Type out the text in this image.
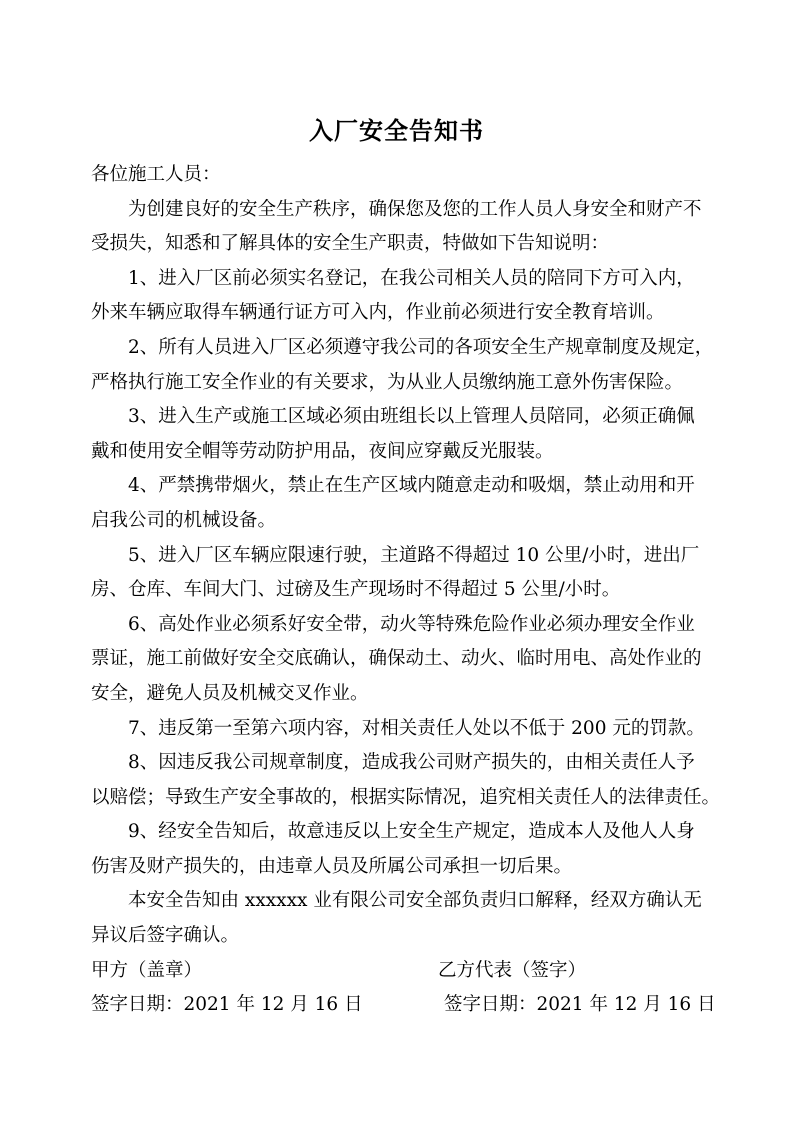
入厂安全告知书
各位施工人员：
为创建良好的安全生产秩序，确保您及您的工作人员人身安全和财产不
受损失，知悉和了解具体的安全生产职责，特做如下告知说明：
1、进入厂区前必须实名登记，在我公司相关人员的陪同下方可入内，
外来车辆应取得车辆通行证方可入内，作业前必须进行安全教育培训。
2、所有人员进入厂区必须遵守我公司的各项安全生产规章制度及规定，
严格执行施工安全作业的有关要求，为从业人员缴纳施工意外伤害保险。
3、进入生产或施工区域必须由班组长以上管理人员陪同，必须正确佩
戴和使用安全帽等劳动防护用品，夜间应穿戴反光服装。
4、严禁携带烟火，禁止在生产区域内随意走动和吸烟，禁止动用和开
启我公司的机械设备。
5、进入厂区车辆应限速行驶，主道路不得超过 10 公里/小时，进出厂
房、仓库、车间大门、过磅及生产现场时不得超过 5 公里/小时。
6、高处作业必须系好安全带，动火等特殊危险作业必须办理安全作业
票证，施工前做好安全交底确认，确保动土、动火、临时用电、高处作业的
安全，避免人员及机械交叉作业。
7、违反第一至第六项内容，对相关责任人处以不低于 200 元的罚款。
8、因违反我公司规章制度，造成我公司财产损失的，由相关责任人予
以赔偿；导致生产安全事故的，根据实际情况，追究相关责任人的法律责任。
9、经安全告知后，故意违反以上安全生产规定，造成本人及他人人身
伤害及财产损失的，由违章人员及所属公司承担一切后果。
本安全告知由 xxxxxx 业有限公司安全部负责归口解释，经双方确认无
异议后签字确认。
甲方（盖章）	乙方代表（签字）
签字日期：2021 年 12 月 16 日	签字日期：2021 年 12 月 16 日
